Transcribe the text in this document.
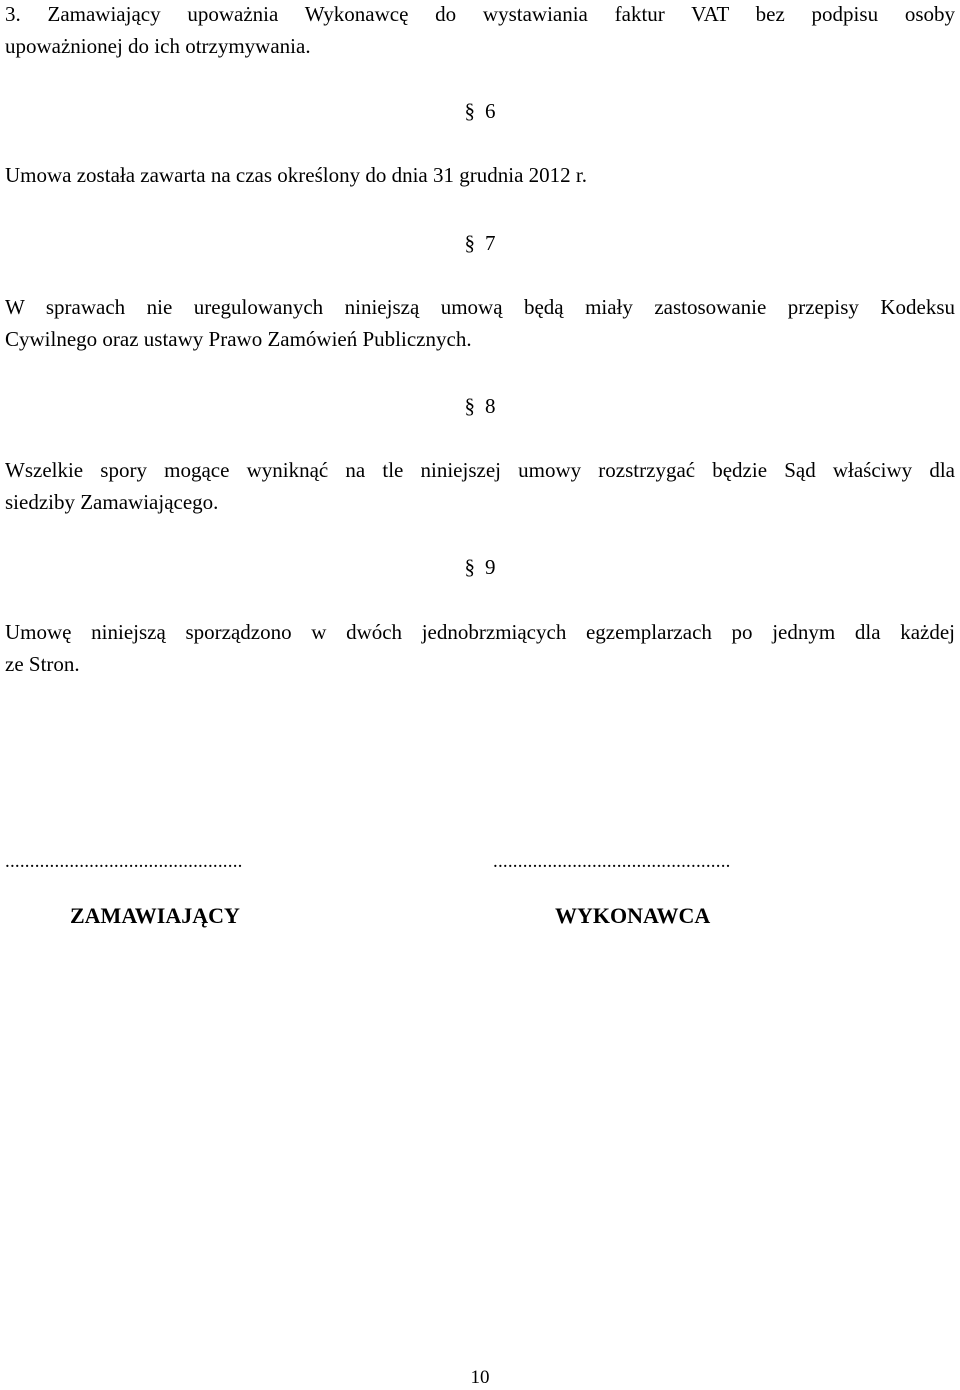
3. Zamawiający upoważnia Wykonawcę do wystawiania faktur VAT bez podpisu osoby
upoważnionej do ich otrzymywania.
§ 6
Umowa została zawarta na czas określony do dnia 31 grudnia 2012 r.
§ 7
W sprawach nie uregulowanych niniejszą umową będą miały zastosowanie przepisy Kodeksu
Cywilnego oraz ustawy Prawo Zamówień Publicznych.
§ 8
Wszelkie spory mogące wyniknąć na tle niniejszej umowy rozstrzygać będzie Sąd właściwy dla
siedziby Zamawiającego.
§ 9
Umowę niniejszą sporządzono w dwóch jednobrzmiących egzemplarzach po jednym dla każdej
ze Stron.
................................................	................................................
ZAMAWIAJĄCY	WYKONAWCA
10
